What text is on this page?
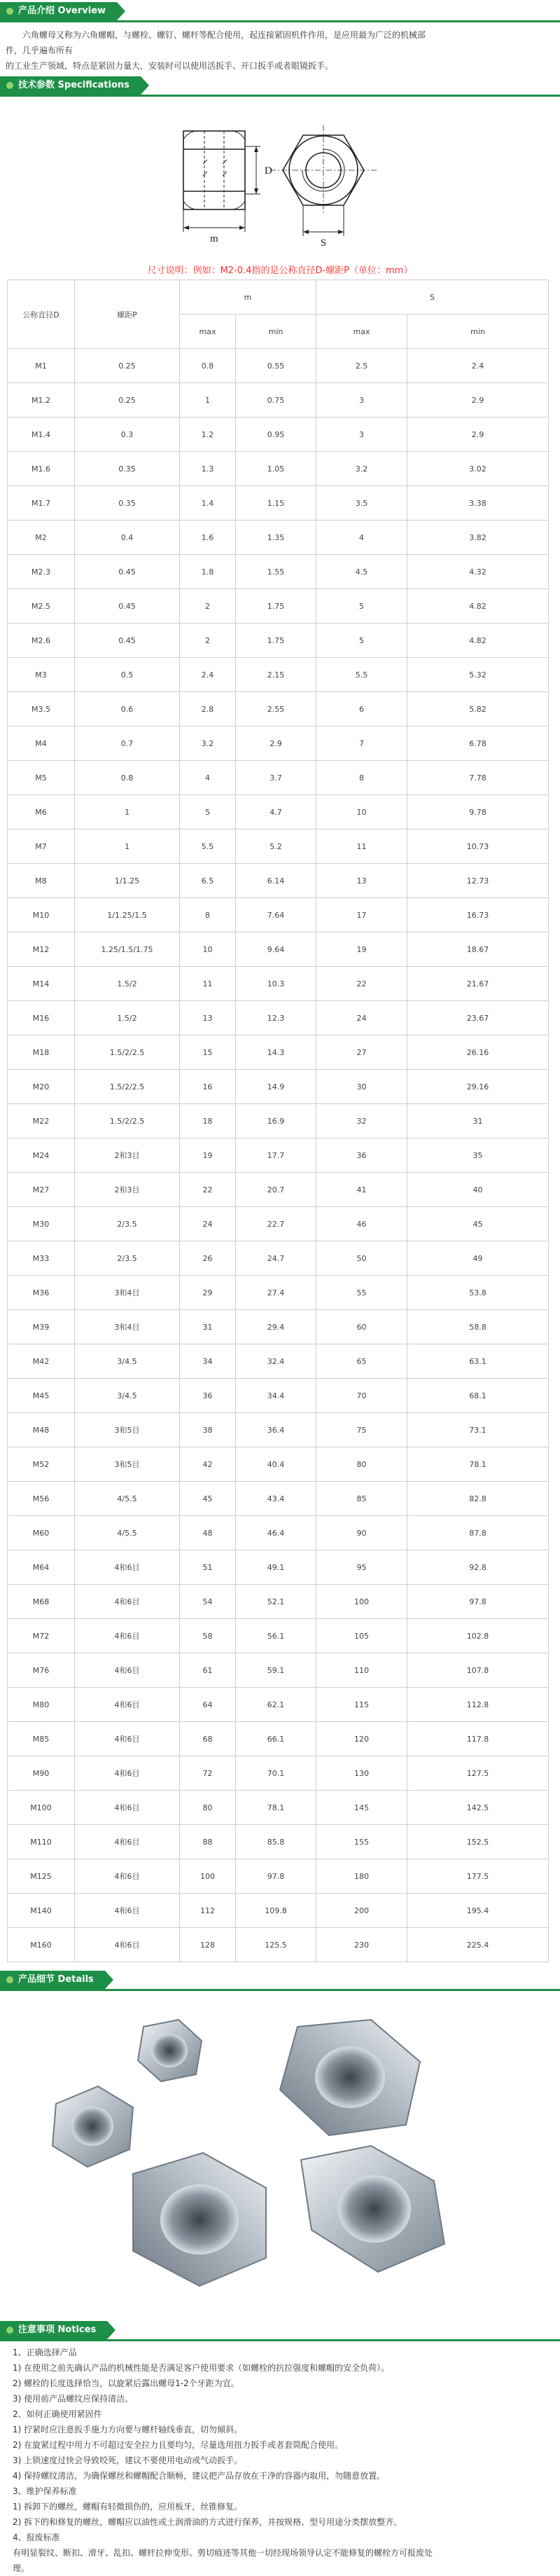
产品介绍 Overview

六角螺母又称为六角螺帽，与螺栓、螺钉、螺杆等配合使用，起连接紧固机件作用，是应用最为广泛的机械部

件，几乎遍布所有

的工业生产领域，特点是紧固力量大，安装时可以使用活扳手、开口扳手或者眼镜扳手。

技术参数 Specifications
m
D
S
尺寸说明：例如：M2-0.4指的是公称直径D-螺距P（单位：mm）
公称直径D	螺距P	m		S	
		max	min	max	min
M1	0.25	0.8	0.55	2.5	2.4
M1.2	0.25	1	0.75	3	2.9
M1.4	0.3	1.2	0.95	3	2.9
M1.6	0.35	1.3	1.05	3.2	3.02
M1.7	0.35	1.4	1.15	3.5	3.38
M2	0.4	1.6	1.35	4	3.82
M2.3	0.45	1.8	1.55	4.5	4.32
M2.5	0.45	2	1.75	5	4.82
M2.6	0.45	2	1.75	5	4.82
M3	0.5	2.4	2.15	5.5	5.32
M3.5	0.6	2.8	2.55	6	5.82
M4	0.7	3.2	2.9	7	6.78
M5	0.8	4	3.7	8	7.78
M6	1	5	4.7	10	9.78
M7	1	5.5	5.2	11	10.73
M8	1/1.25	6.5	6.14	13	12.73
M10	1/1.25/1.5	8	7.64	17	16.73
M12	1.25/1.5/1.75	10	9.64	19	18.67
M14	1.5/2	11	10.3	22	21.67
M16	1.5/2	13	12.3	24	23.67
M18	1.5/2/2.5	15	14.3	27	26.16
M20	1.5/2/2.5	16	14.9	30	29.16
M22	1.5/2/2.5	18	16.9	32	31
M24	2和3目	19	17.7	36	35
M27	2和3目	22	20.7	41	40
M30	2/3.5	24	22.7	46	45
M33	2/3.5	26	24.7	50	49
M36	3和4目	29	27.4	55	53.8
M39	3和4目	31	29.4	60	58.8
M42	3/4.5	34	32.4	65	63.1
M45	3/4.5	36	34.4	70	68.1
M48	3和5目	38	36.4	75	73.1
M52	3和5目	42	40.4	80	78.1
M56	4/5.5	45	43.4	85	82.8
M60	4/5.5	48	46.4	90	87.8
M64	4和6目	51	49.1	95	92.8
M68	4和6目	54	52.1	100	97.8
M72	4和6目	58	56.1	105	102.8
M76	4和6目	61	59.1	110	107.8
M80	4和6目	64	62.1	115	112.8
M85	4和6目	68	66.1	120	117.8
M90	4和6目	72	70.1	130	127.5
M100	4和6目	80	78.1	145	142.5
M110	4和6目	88	85.8	155	152.5
M125	4和6目	100	97.8	180	177.5
M140	4和6目	112	109.8	200	195.4
M160	4和6目	128	125.5	230	225.4
产品细节 Details
注意事项 Notices
1、正确选择产品
1) 在使用之前先确认产品的机械性能是否满足客户使用要求（如螺栓的抗拉强度和螺帽的安全负荷）。
2) 螺栓的长度选择恰当，以旋紧后露出螺母1-2个牙距为宜。
3) 使用前产品螺纹应保持清洁。
2、如何正确使用紧固件
1) 拧紧时应注意扳手施力方向要与螺杆轴线垂直，切勿倾斜。
2) 在旋紧过程中用力不可超过安全拉力且要均匀，尽量选用扭力扳手或者套筒配合使用。
3) 上锁速度过快会导致咬死，建议不要使用电动或气动扳手。
4) 保持螺纹清洁，为确保螺丝和螺帽配合顺畅，建议把产品存放在干净的容器内取用，勿随意放置。
3、维护保养标准
1) 拆卸下的螺丝，螺帽有轻微损伤的，应用板牙，丝锥修复。
2) 拆下的和修复的螺丝，螺帽应以油性或土润滑油的方式进行保养，并按规格、型号用途分类摆放整齐。
4、报废标准
有明显裂纹、断扣、滑牙、乱扣、螺杆拉伸变形、剪切痕迹等其他一切经现场领导认定不能修复的螺栓方可报废处
理。
